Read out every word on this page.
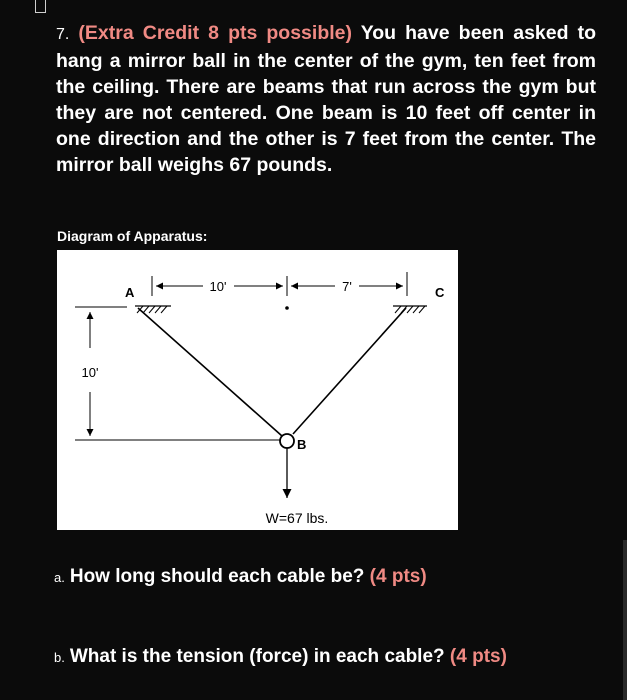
7. (Extra Credit 8 pts possible) You have been asked to hang a mirror ball in the center of the gym, ten feet from the ceiling. There are beams that run across the gym but they are not centered. One beam is 10 feet off center in one direction and the other is 7 feet from the center. The mirror ball weighs 67 pounds.
Diagram of Apparatus:
10'	7'
A	C
10'
B
W=67 lbs.
a. How long should each cable be? (4 pts)
b. What is the tension (force) in each cable? (4 pts)
